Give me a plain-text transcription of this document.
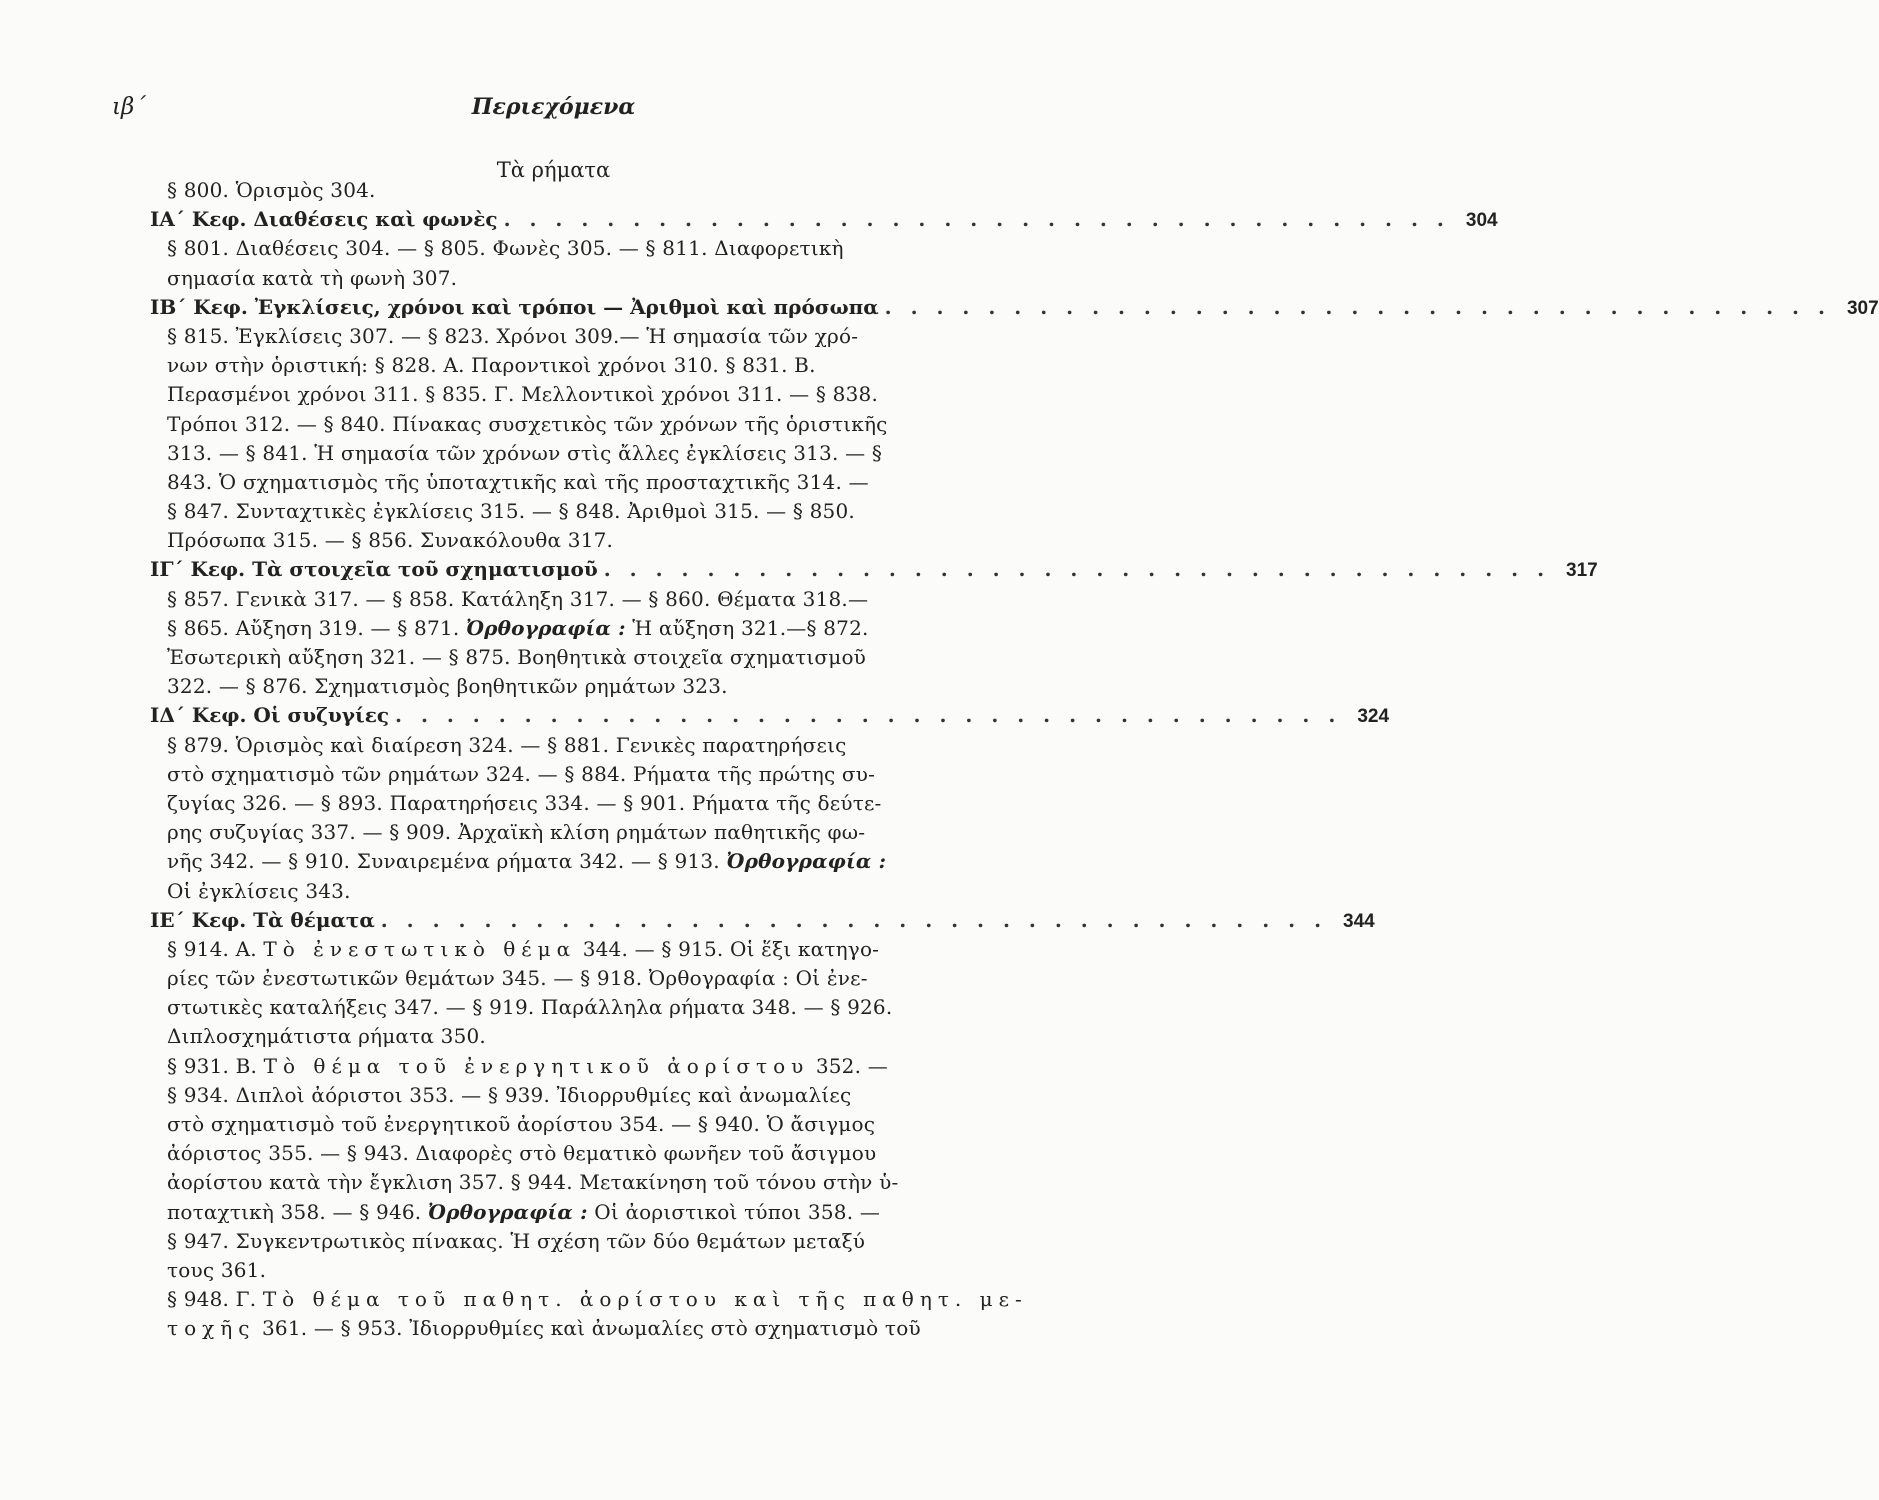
ιβ΄	Περιεχόμενα
Τὰ ρήματα
§ 800. Ὁρισμὸς 304.
ΙΑ΄ Κεφ. Διαθέσεις καὶ φωνὲς . . . . . . . . . . . . . . . . . . . . . . . . . . . . . . . . . . . . . 304
§ 801. Διαθέσεις 304. — § 805. Φωνὲς 305. — § 811. Διαφορετικὴ
σημασία κατὰ τὴ φωνὴ 307.
ΙΒ΄ Κεφ. Ἐγκλίσεις, χρόνοι καὶ τρόποι — Ἀριθμοὶ καὶ πρόσωπα . . . . . . . . . . . . . . . . . . . . . . . . . . . . . . . . . . . . . 307
§ 815. Ἐγκλίσεις 307. — § 823. Χρόνοι 309.— Ἡ σημασία τῶν χρό-
νων στὴν ὁριστική: § 828. Α. Παροντικοὶ χρόνοι 310. § 831. Β.
Περασμένοι χρόνοι 311. § 835. Γ. Μελλοντικοὶ χρόνοι 311. — § 838.
Τρόποι 312. — § 840. Πίνακας συσχετικὸς τῶν χρόνων τῆς ὁριστικῆς
313. — § 841. Ἡ σημασία τῶν χρόνων στὶς ἄλλες ἐγκλίσεις 313. — §
843. Ὁ σχηματισμὸς τῆς ὑποταχτικῆς καὶ τῆς προσταχτικῆς 314. —
§ 847. Συνταχτικὲς ἐγκλίσεις 315. — § 848. Ἀριθμοὶ 315. — § 850.
Πρόσωπα 315. — § 856. Συνακόλουθα 317.
ΙΓ΄ Κεφ. Τὰ στοιχεῖα τοῦ σχηματισμοῦ . . . . . . . . . . . . . . . . . . . . . . . . . . . . . . . . . . . . . 317
§ 857. Γενικὰ 317. — § 858. Κατάληξη 317. — § 860. Θέματα 318.—
§ 865. Αὔξηση 319. — § 871. Ὀρθογραφία : Ἡ αὔξηση 321.—§ 872.
Ἐσωτερικὴ αὔξηση 321. — § 875. Βοηθητικὰ στοιχεῖα σχηματισμοῦ
322. — § 876. Σχηματισμὸς βοηθητικῶν ρημάτων 323.
ΙΔ΄ Κεφ. Οἱ συζυγίες . . . . . . . . . . . . . . . . . . . . . . . . . . . . . . . . . . . . . 324
§ 879. Ὁρισμὸς καὶ διαίρεση 324. — § 881. Γενικὲς παρατηρήσεις
στὸ σχηματισμὸ τῶν ρημάτων 324. — § 884. Ρήματα τῆς πρώτης συ-
ζυγίας 326. — § 893. Παρατηρήσεις 334. — § 901. Ρήματα τῆς δεύτε-
ρης συζυγίας 337. — § 909. Ἀρχαϊκὴ κλίση ρημάτων παθητικῆς φω-
νῆς 342. — § 910. Συναιρεμένα ρήματα 342. — § 913. Ὀρθογραφία :
Οἱ ἐγκλίσεις 343.
ΙΕ΄ Κεφ. Τὰ θέματα . . . . . . . . . . . . . . . . . . . . . . . . . . . . . . . . . . . . . 344
§ 914. Α. Τὸ ἐνεστωτικὸ θέμα 344. — § 915. Οἱ ἕξι κατηγο-
ρίες τῶν ἐνεστωτικῶν θεμάτων 345. — § 918. Ὀρθογραφία : Οἱ ἐνε-
στωτικὲς καταλήξεις 347. — § 919. Παράλληλα ρήματα 348. — § 926.
Διπλοσχημάτιστα ρήματα 350.
§ 931. Β. Τὸ θέμα τοῦ ἐνεργητικοῦ ἀορίστου 352. —
§ 934. Διπλοὶ ἀόριστοι 353. — § 939. Ἰδιορρυθμίες καὶ ἀνωμαλίες
στὸ σχηματισμὸ τοῦ ἐνεργητικοῦ ἀορίστου 354. — § 940. Ὁ ἄσιγμος
ἀόριστος 355. — § 943. Διαφορὲς στὸ θεματικὸ φωνῆεν τοῦ ἄσιγμου
ἀορίστου κατὰ τὴν ἔγκλιση 357. § 944. Μετακίνηση τοῦ τόνου στὴν ὑ-
ποταχτικὴ 358. — § 946. Ὀρθογραφία : Οἱ ἀοριστικοὶ τύποι 358. —
§ 947. Συγκεντρωτικὸς πίνακας. Ἡ σχέση τῶν δύο θεμάτων μεταξύ
τους 361.
§ 948. Γ. Τὸ θέμα τοῦ παθητ. ἀορίστου καὶ τῆς παθητ. με-
τοχῆς 361. — § 953. Ἰδιορρυθμίες καὶ ἀνωμαλίες στὸ σχηματισμὸ τοῦ
